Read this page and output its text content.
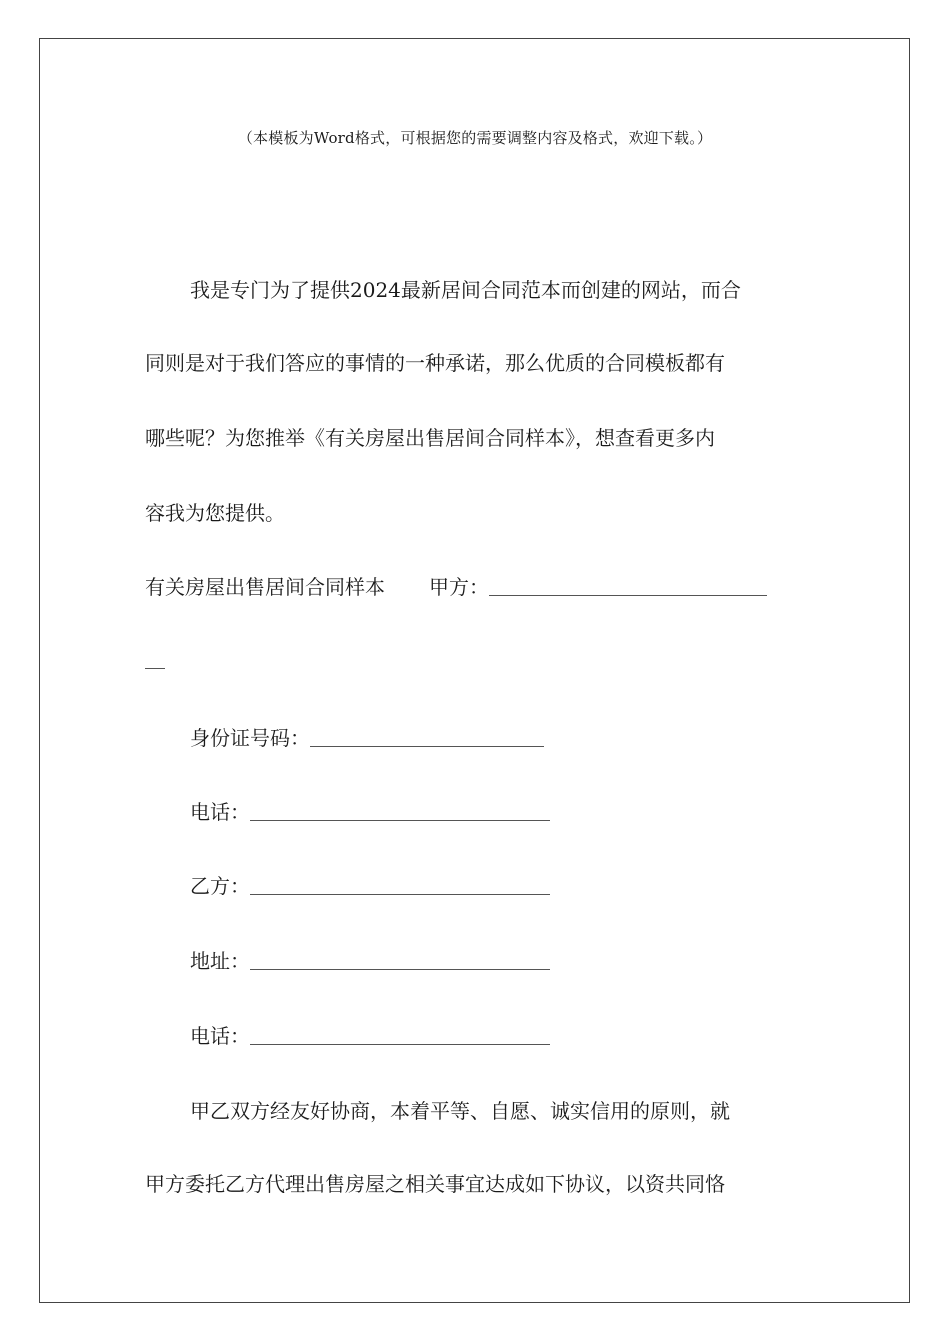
（本模板为Word格式，可根据您的需要调整内容及格式，欢迎下载。）
我是专门为了提供2024最新居间合同范本而创建的网站，而合
同则是对于我们答应的事情的一种承诺，那么优质的合同模板都有
哪些呢？为您推举《有关房屋出售居间合同样本》，想查看更多内
容我为您提供。
有关房屋出售居间合同样本 甲方：
身份证号码：
电话：
乙方：
地址：
电话：
甲乙双方经友好协商，本着平等、自愿、诚实信用的原则，就
甲方委托乙方代理出售房屋之相关事宜达成如下协议，以资共同恪
